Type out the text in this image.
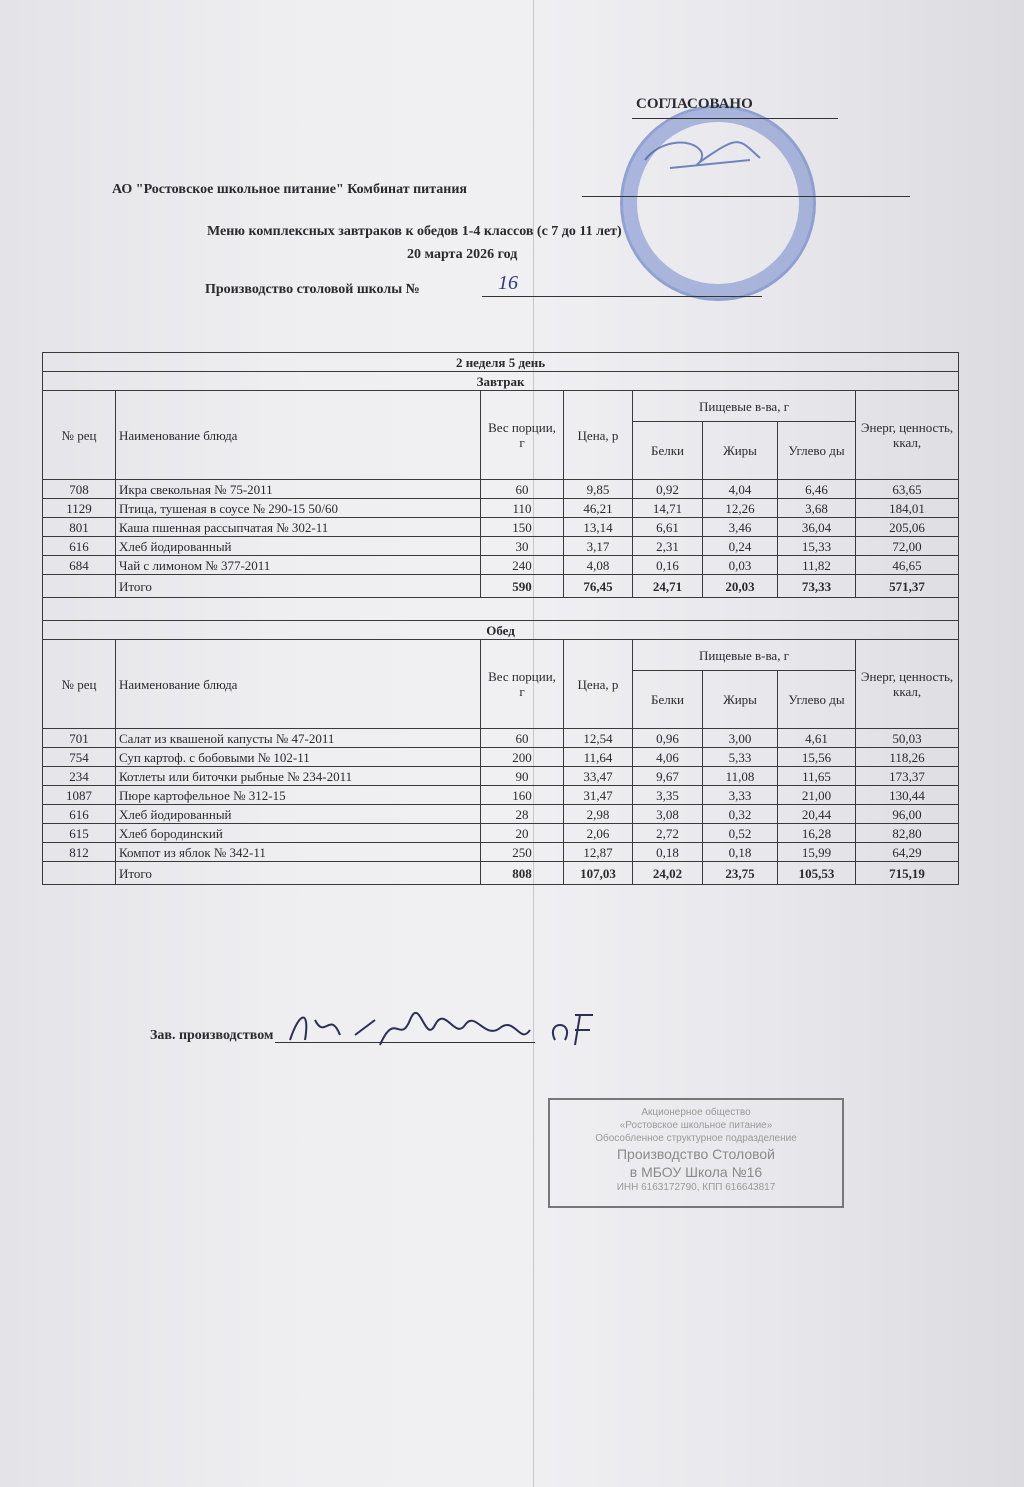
СОГЛАСОВАНО
АО "Ростовское школьное питание" Комбинат питания
Меню комплексных завтраков к обедов 1-4 классов (с 7 до 11 лет)
20 марта 2026 год
Производство столовой школы №	16
2 неделя 5 день							
Завтрак							
№ рец	Наименование блюда	Вес порции, г	Цена, р	Пищевые в-ва, г			Энерг, ценность, ккал,
				Белки	Жиры	Углево ды	
708	Икра свекольная № 75-2011	60	9,85	0,92	4,04	6,46	63,65
1129	Птица, тушеная в соусе № 290-15 50/60	110	46,21	14,71	12,26	3,68	184,01
801	Каша пшенная рассыпчатая № 302-11	150	13,14	6,61	3,46	36,04	205,06
616	Хлеб йодированный	30	3,17	2,31	0,24	15,33	72,00
684	Чай с лимоном № 377-2011	240	4,08	0,16	0,03	11,82	46,65
	Итого	590	76,45	24,71	20,03	73,33	571,37

Обед							
№ рец	Наименование блюда	Вес порции, г	Цена, р	Пищевые в-ва, г			Энерг, ценность, ккал,
				Белки	Жиры	Углево ды	
701	Салат из квашеной капусты № 47-2011	60	12,54	0,96	3,00	4,61	50,03
754	Суп картоф. с бобовыми № 102-11	200	11,64	4,06	5,33	15,56	118,26
234	Котлеты или биточки рыбные № 234-2011	90	33,47	9,67	11,08	11,65	173,37
1087	Пюре картофельное № 312-15	160	31,47	3,35	3,33	21,00	130,44
616	Хлеб йодированный	28	2,98	3,08	0,32	20,44	96,00
615	Хлеб бородинский	20	2,06	2,72	0,52	16,28	82,80
812	Компот из яблок № 342-11	250	12,87	0,18	0,18	15,99	64,29
	Итого	808	107,03	24,02	23,75	105,53	715,19
Зав. производством
Акционерное общество
«Ростовское школьное питание»
Обособленное структурное подразделение
Производство Столовой
в МБОУ Школа №16
ИНН 6163172790, КПП 616643817
